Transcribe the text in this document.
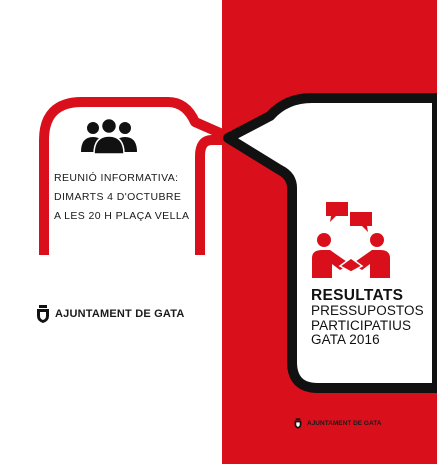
REUNIÓ INFORMATIVA:
DIMARTS 4 D'OCTUBRE
A LES 20 H PLAÇA VELLA
AJUNTAMENT DE GATA
RESULTATS
PRESSUPOSTOS
PARTICIPATIUS
GATA 2016
AJUNTAMENT DE GATA
